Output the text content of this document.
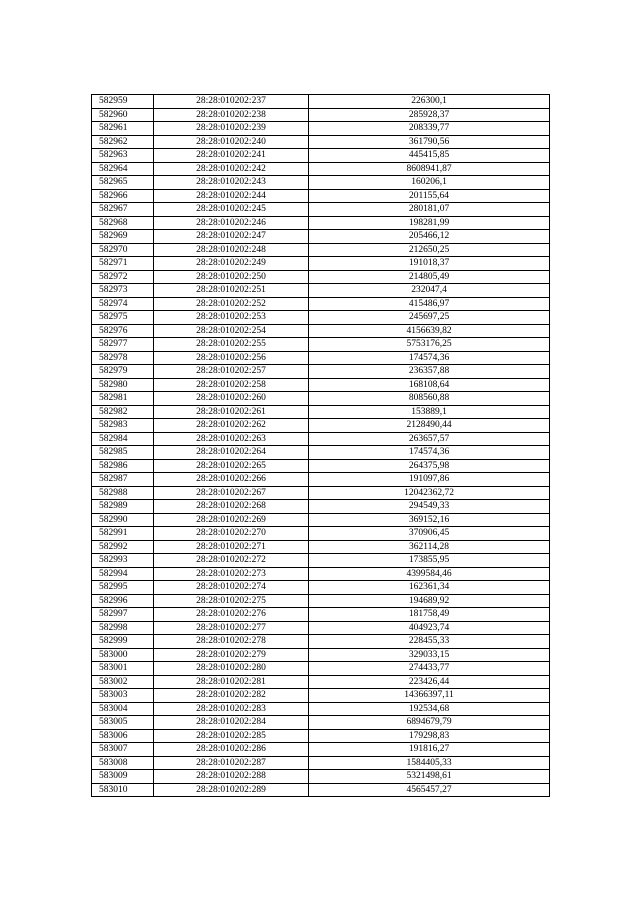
582959	28:28:010202:237	226300,1
582960	28:28:010202:238	285928,37
582961	28:28:010202:239	208339,77
582962	28:28:010202:240	361790,56
582963	28:28:010202:241	445415,85
582964	28:28:010202:242	8608941,87
582965	28:28:010202:243	160206,1
582966	28:28:010202:244	201155,64
582967	28:28:010202:245	280181,07
582968	28:28:010202:246	198281,99
582969	28:28:010202:247	205466,12
582970	28:28:010202:248	212650,25
582971	28:28:010202:249	191018,37
582972	28:28:010202:250	214805,49
582973	28:28:010202:251	232047,4
582974	28:28:010202:252	415486,97
582975	28:28:010202:253	245697,25
582976	28:28:010202:254	4156639,82
582977	28:28:010202:255	5753176,25
582978	28:28:010202:256	174574,36
582979	28:28:010202:257	236357,88
582980	28:28:010202:258	168108,64
582981	28:28:010202:260	808560,88
582982	28:28:010202:261	153889,1
582983	28:28:010202:262	2128490,44
582984	28:28:010202:263	263657,57
582985	28:28:010202:264	174574,36
582986	28:28:010202:265	264375,98
582987	28:28:010202:266	191097,86
582988	28:28:010202:267	12042362,72
582989	28:28:010202:268	294549,33
582990	28:28:010202:269	369152,16
582991	28:28:010202:270	370906,45
582992	28:28:010202:271	362114,28
582993	28:28:010202:272	173855,95
582994	28:28:010202:273	4399584,46
582995	28:28:010202:274	162361,34
582996	28:28:010202:275	194689,92
582997	28:28:010202:276	181758,49
582998	28:28:010202:277	404923,74
582999	28:28:010202:278	228455,33
583000	28:28:010202:279	329033,15
583001	28:28:010202:280	274433,77
583002	28:28:010202:281	223426,44
583003	28:28:010202:282	14366397,11
583004	28:28:010202:283	192534,68
583005	28:28:010202:284	6894679,79
583006	28:28:010202:285	179298,83
583007	28:28:010202:286	191816,27
583008	28:28:010202:287	1584405,33
583009	28:28:010202:288	5321498,61
583010	28:28:010202:289	4565457,27
